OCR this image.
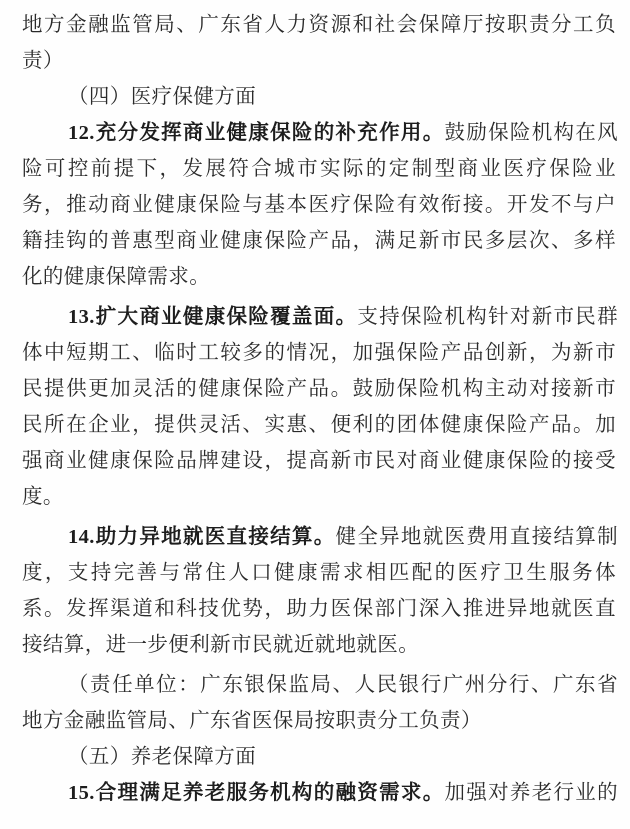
地方金融监管局、广东省人力资源和社会保障厅按职责分工负
责）
（四）医疗保健方面
12.充分发挥商业健康保险的补充作用。鼓励保险机构在风
险可控前提下，发展符合城市实际的定制型商业医疗保险业
务，推动商业健康保险与基本医疗保险有效衔接。开发不与户
籍挂钩的普惠型商业健康保险产品，满足新市民多层次、多样
化的健康保障需求。
13.扩大商业健康保险覆盖面。支持保险机构针对新市民群
体中短期工、临时工较多的情况，加强保险产品创新，为新市
民提供更加灵活的健康保险产品。鼓励保险机构主动对接新市
民所在企业，提供灵活、实惠、便利的团体健康保险产品。加
强商业健康保险品牌建设，提高新市民对商业健康保险的接受
度。
14.助力异地就医直接结算。健全异地就医费用直接结算制
度，支持完善与常住人口健康需求相匹配的医疗卫生服务体
系。发挥渠道和科技优势，助力医保部门深入推进异地就医直
接结算，进一步便利新市民就近就地就医。
（责任单位：广东银保监局、人民银行广州分行、广东省
地方金融监管局、广东省医保局按职责分工负责）
（五）养老保障方面
15.合理满足养老服务机构的融资需求。加强对养老行业的
